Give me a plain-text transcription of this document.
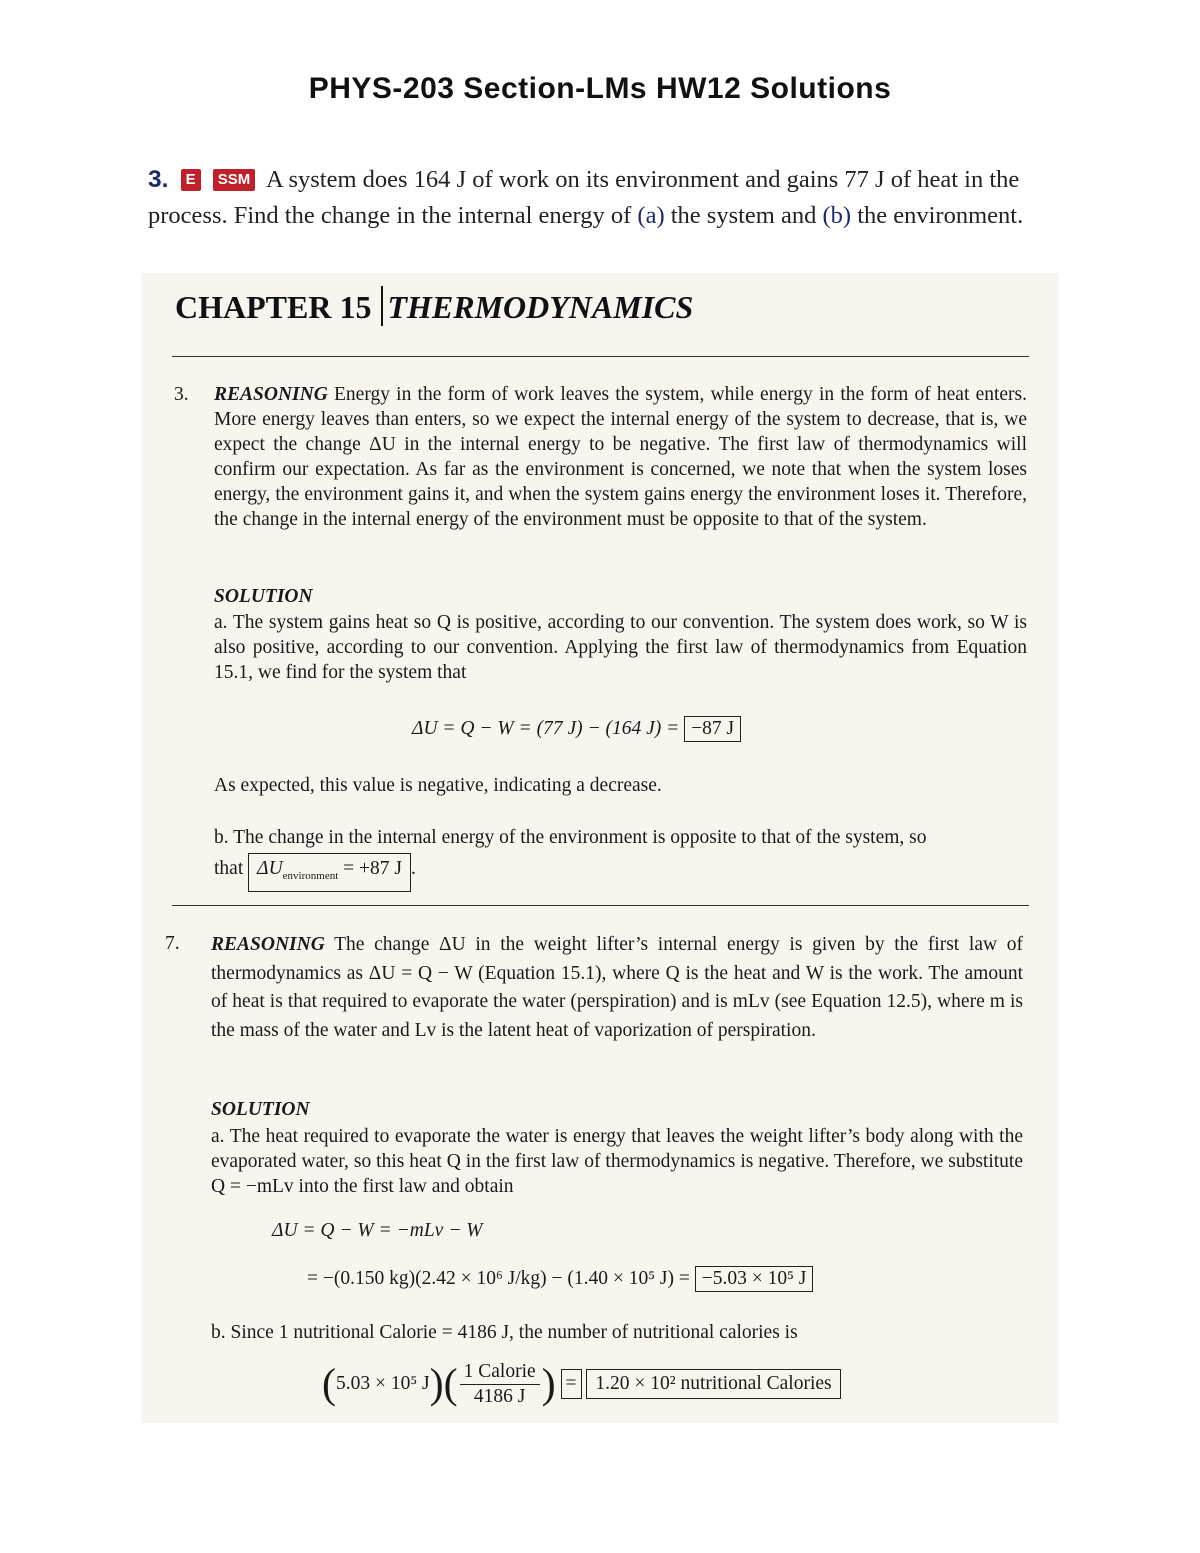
PHYS-203 Section-LMs HW12 Solutions
3. E SSM A system does 164 J of work on its environment and gains 77 J of heat in the process. Find the change in the internal energy of (a) the system and (b) the environment.
CHAPTER 15 THERMODYNAMICS
3. REASONING Energy in the form of work leaves the system, while energy in the form of heat enters. More energy leaves than enters, so we expect the internal energy of the system to decrease, that is, we expect the change ΔU in the internal energy to be negative. The first law of thermodynamics will confirm our expectation. As far as the environment is concerned, we note that when the system loses energy, the environment gains it, and when the system gains energy the environment loses it. Therefore, the change in the internal energy of the environment must be opposite to that of the system.
SOLUTION
a. The system gains heat so Q is positive, according to our convention. The system does work, so W is also positive, according to our convention. Applying the first law of thermodynamics from Equation 15.1, we find for the system that
ΔU = Q − W = (77 J) − (164 J) = −87 J
As expected, this value is negative, indicating a decrease.
b. The change in the internal energy of the environment is opposite to that of the system, so
that $\Delta U_{environment} = +87$ J .
7. REASONING The change ΔU in the weight lifter’s internal energy is given by the first law of thermodynamics as ΔU = Q − W (Equation 15.1), where Q is the heat and W is the work. The amount of heat is that required to evaporate the water (perspiration) and is mLv (see Equation 12.5), where m is the mass of the water and Lv is the latent heat of vaporization of perspiration.
SOLUTION
a. The heat required to evaporate the water is energy that leaves the weight lifter’s body along with the evaporated water, so this heat Q in the first law of thermodynamics is negative. Therefore, we substitute Q = −mLv into the first law and obtain
ΔU = Q − W = −mLv − W
= −(0.150 kg)(2.42 × 10⁶ J/kg) − (1.40 × 10⁵ J) = −5.03 × 10⁵ J
b. Since 1 nutritional Calorie = 4186 J, the number of nutritional calories is
(5.03 × 10⁵ $J)( \frac{\text{1 Calorie}}{4186 J}$ ) = 1.20 × 10² nutritional Calories
